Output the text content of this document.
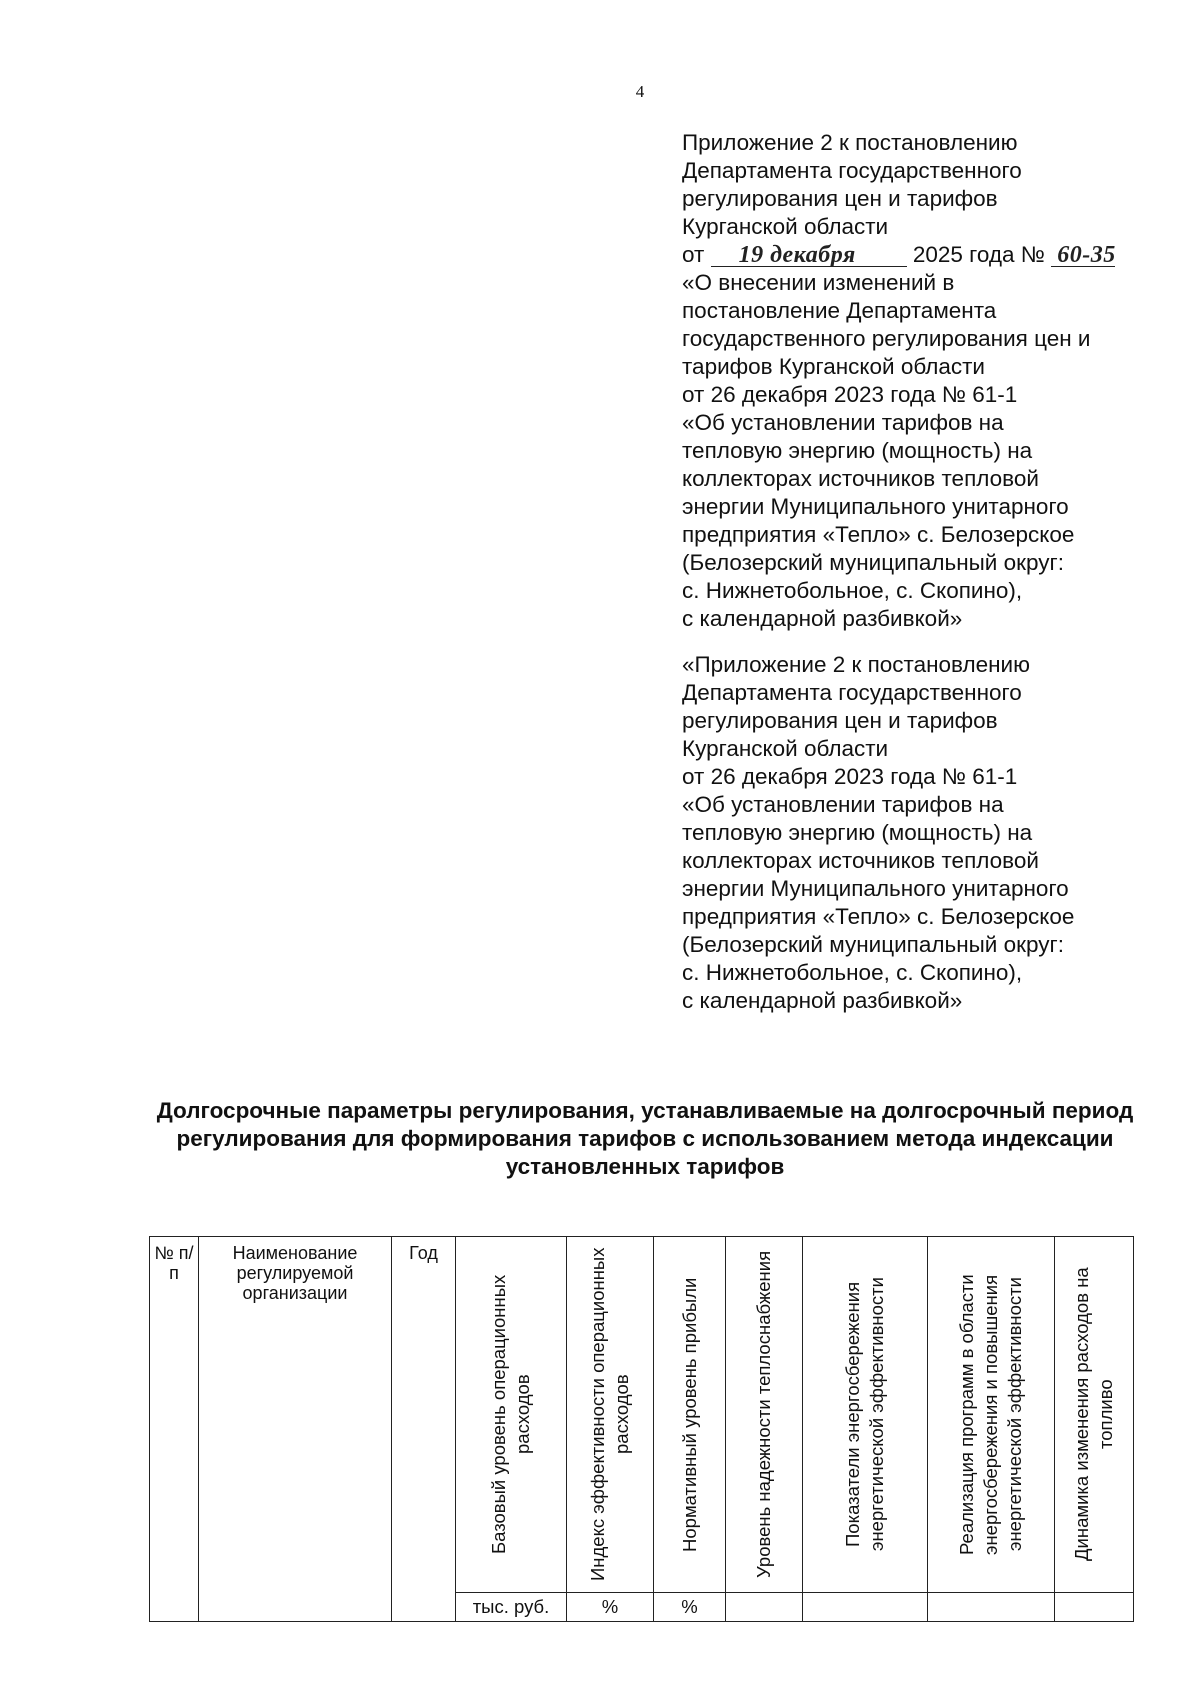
4
Приложение 2 к постановлению
Департамента государственного
регулирования цен и тарифов
Курганской области
от 19 декабря	2025 года № 60-35
«О внесении изменений в
постановление Департамента
государственного регулирования цен и
тарифов Курганской области
от 26 декабря 2023 года № 61-1
«Об установлении тарифов на
тепловую энергию (мощность) на
коллекторах источников тепловой
энергии Муниципального унитарного
предприятия «Тепло» с. Белозерское
(Белозерский муниципальный округ:
с. Нижнетобольное, с. Скопино),
с календарной разбивкой»
«Приложение 2 к постановлению
Департамента государственного
регулирования цен и тарифов
Курганской области
от 26 декабря 2023 года № 61-1
«Об установлении тарифов на
тепловую энергию (мощность) на
коллекторах источников тепловой
энергии Муниципального унитарного
предприятия «Тепло» с. Белозерское
(Белозерский муниципальный округ:
с. Нижнетобольное, с. Скопино),
с календарной разбивкой»
Долгосрочные параметры регулирования, устанавливаемые на долгосрочный период регулирования для формирования тарифов с использованием метода индексации установленных тарифов
№ п/п	Наименование регулируемой организации	Год	Базовый уровень операционных расходов	Индекс эффективности операционных расходов	Нормативный уровень прибыли	Уровень надежности теплоснабжения	Показатели энергосбережения энергетической эффективности	Реализация программ в области энергосбережения и повышения энергетической эффективности	Динамика изменения расходов на топливо

			тыс. руб.	%	%				
